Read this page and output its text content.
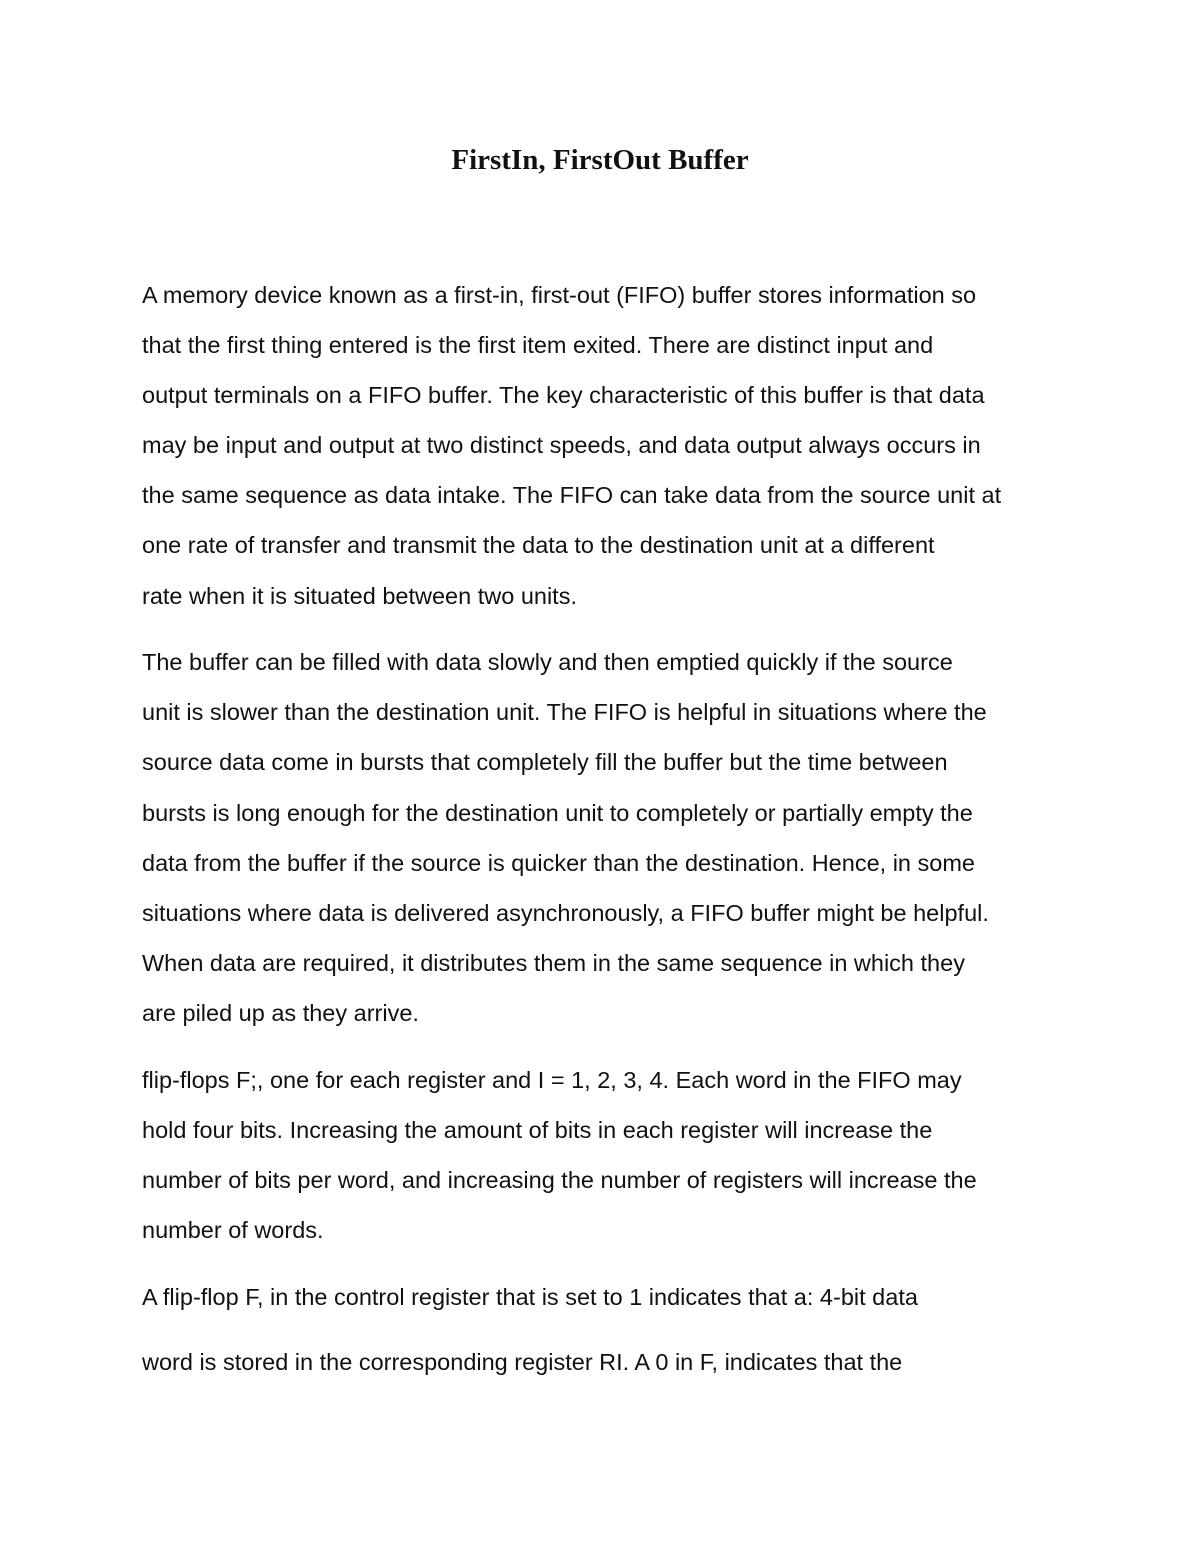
FirstIn, FirstOut Buffer

A memory device known as a first-in, first-out (FIFO) buffer stores information so

that the first thing entered is the first item exited. There are distinct input and

output terminals on a FIFO buffer. The key characteristic of this buffer is that data

may be input and output at two distinct speeds, and data output always occurs in

the same sequence as data intake. The FIFO can take data from the source unit at

one rate of transfer and transmit the data to the destination unit at a different

rate when it is situated between two units.

The buffer can be filled with data slowly and then emptied quickly if the source

unit is slower than the destination unit. The FIFO is helpful in situations where the

source data come in bursts that completely fill the buffer but the time between

bursts is long enough for the destination unit to completely or partially empty the

data from the buffer if the source is quicker than the destination. Hence, in some

situations where data is delivered asynchronously, a FIFO buffer might be helpful.

When data are required, it distributes them in the same sequence in which they

are piled up as they arrive.

flip-flops F;, one for each register and I = 1, 2, 3, 4. Each word in the FIFO may

hold four bits. Increasing the amount of bits in each register will increase the

number of bits per word, and increasing the number of registers will increase the

number of words.

A flip-flop F, in the control register that is set to 1 indicates that a: 4-bit data

word is stored in the corresponding register RI. A 0 in F, indicates that the
